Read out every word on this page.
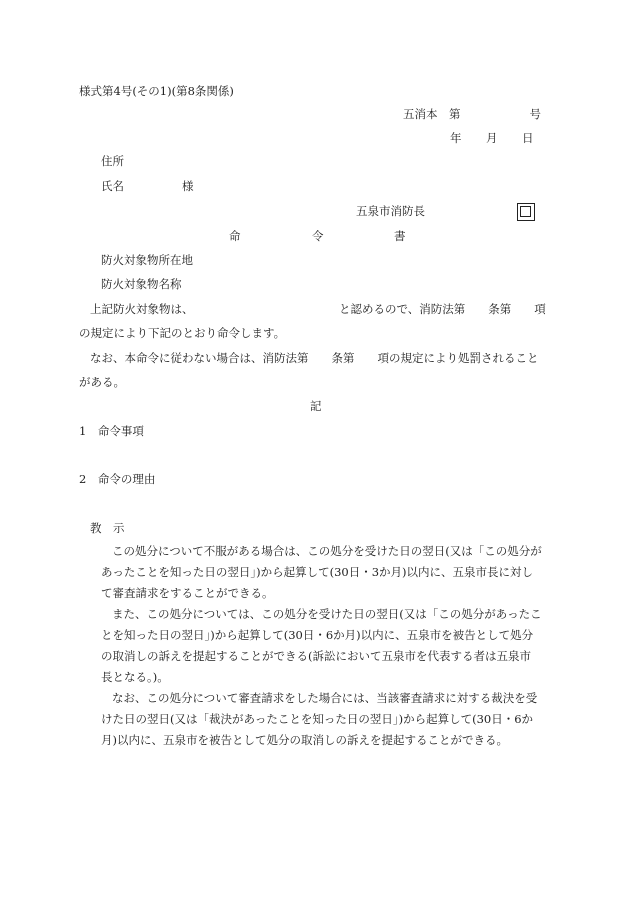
様式第4号(その1)(第8条関係)
五消本　第　　　　　　号
年 月 日
住所
氏名	様
五泉市消防長
命	令	書
防火対象物所在地
防火対象物名称
上記防火対象物は、	と認めるので、消防法第　　条第　　項
の規定により下記のとおり命令します。
なお、本命令に従わない場合は、消防法第　　条第　　項の規定により処罰されること
がある。
記
1　命令事項
2　命令の理由
教　示
この処分について不服がある場合は、この処分を受けた日の翌日(又は「この処分が
あったことを知った日の翌日」)から起算して(30日・3か月)以内に、五泉市長に対し
て審査請求をすることができる。
また、この処分については、この処分を受けた日の翌日(又は「この処分があったこ
とを知った日の翌日」)から起算して(30日・6か月)以内に、五泉市を被告として処分
の取消しの訴えを提起することができる(訴訟において五泉市を代表する者は五泉市
長となる。)。
なお、この処分について審査請求をした場合には、当該審査請求に対する裁決を受
けた日の翌日(又は「裁決があったことを知った日の翌日」)から起算して(30日・6か
月)以内に、五泉市を被告として処分の取消しの訴えを提起することができる。
